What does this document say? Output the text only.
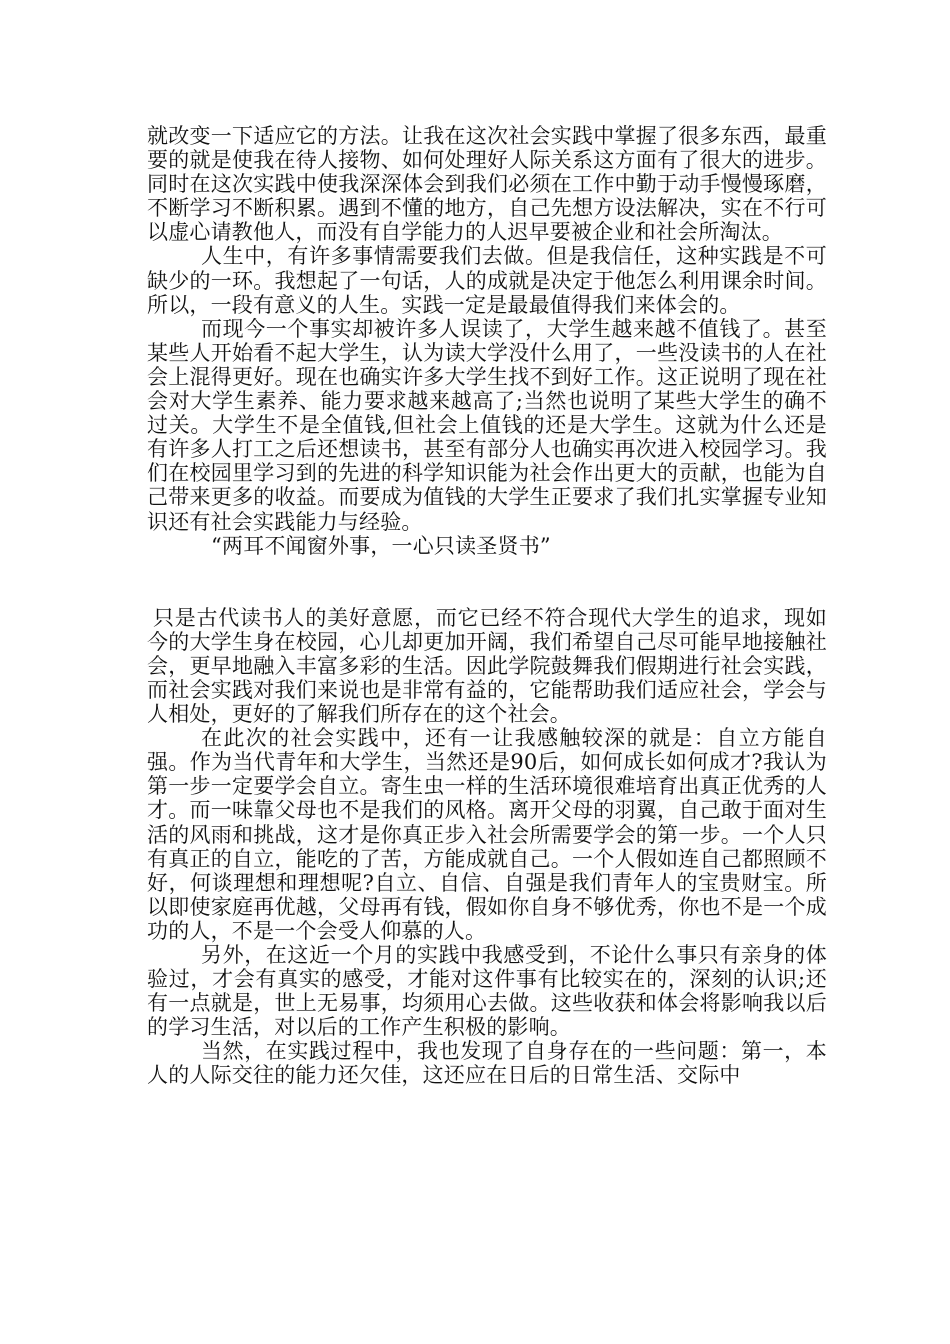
就改变一下适应它的方法。让我在这次社会实践中掌握了很多东西，最重要的就是使我在待人接物、如何处理好人际关系这方面有了很大的进步。同时在这次实践中使我深深体会到我们必须在工作中勤于动手慢慢琢磨，不断学习不断积累。遇到不懂的地方，自己先想方设法解决，实在不行可以虚心请教他人，而没有自学能力的人迟早要被企业和社会所淘汰。

人生中，有许多事情需要我们去做。但是我信任，这种实践是不可缺少的一环。我想起了一句话，人的成就是决定于他怎么利用课余时间。所以，一段有意义的人生。实践一定是最最值得我们来体会的。

而现今一个事实却被许多人误读了，大学生越来越不值钱了。甚至某些人开始看不起大学生，认为读大学没什么用了，一些没读书的人在社会上混得更好。现在也确实许多大学生找不到好工作。这正说明了现在社会对大学生素养、能力要求越来越高了;当然也说明了某些大学生的确不过关。大学生不是全值钱,但社会上值钱的还是大学生。这就为什么还是有许多人打工之后还想读书，甚至有部分人也确实再次进入校园学习。我们在校园里学习到的先进的科学知识能为社会作出更大的贡献，也能为自己带来更多的收益。而要成为值钱的大学生正要求了我们扎实掌握专业知识还有社会实践能力与经验。

“两耳不闻窗外事，一心只读圣贤书”

只是古代读书人的美好意愿，而它已经不符合现代大学生的追求，现如今的大学生身在校园，心儿却更加开阔，我们希望自己尽可能早地接触社会，更早地融入丰富多彩的生活。因此学院鼓舞我们假期进行社会实践，而社会实践对我们来说也是非常有益的，它能帮助我们适应社会，学会与人相处，更好的了解我们所存在的这个社会。

在此次的社会实践中，还有一让我感触较深的就是：自立方能自强。作为当代青年和大学生，当然还是90后，如何成长如何成才?我认为第一步一定要学会自立。寄生虫一样的生活环境很难培育出真正优秀的人才。而一味靠父母也不是我们的风格。离开父母的羽翼，自己敢于面对生活的风雨和挑战，这才是你真正步入社会所需要学会的第一步。一个人只有真正的自立，能吃的了苦，方能成就自己。一个人假如连自己都照顾不好，何谈理想和理想呢?自立、自信、自强是我们青年人的宝贵财宝。所以即使家庭再优越，父母再有钱，假如你自身不够优秀，你也不是一个成功的人，不是一个会受人仰慕的人。

另外，在这近一个月的实践中我感受到，不论什么事只有亲身的体验过，才会有真实的感受，才能对这件事有比较实在的，深刻的认识;还有一点就是，世上无易事，均须用心去做。这些收获和体会将影响我以后的学习生活，对以后的工作产生积极的影响。

当然，在实践过程中，我也发现了自身存在的一些问题：第一，本人的人际交往的能力还欠佳，这还应在日后的日常生活、交际中
